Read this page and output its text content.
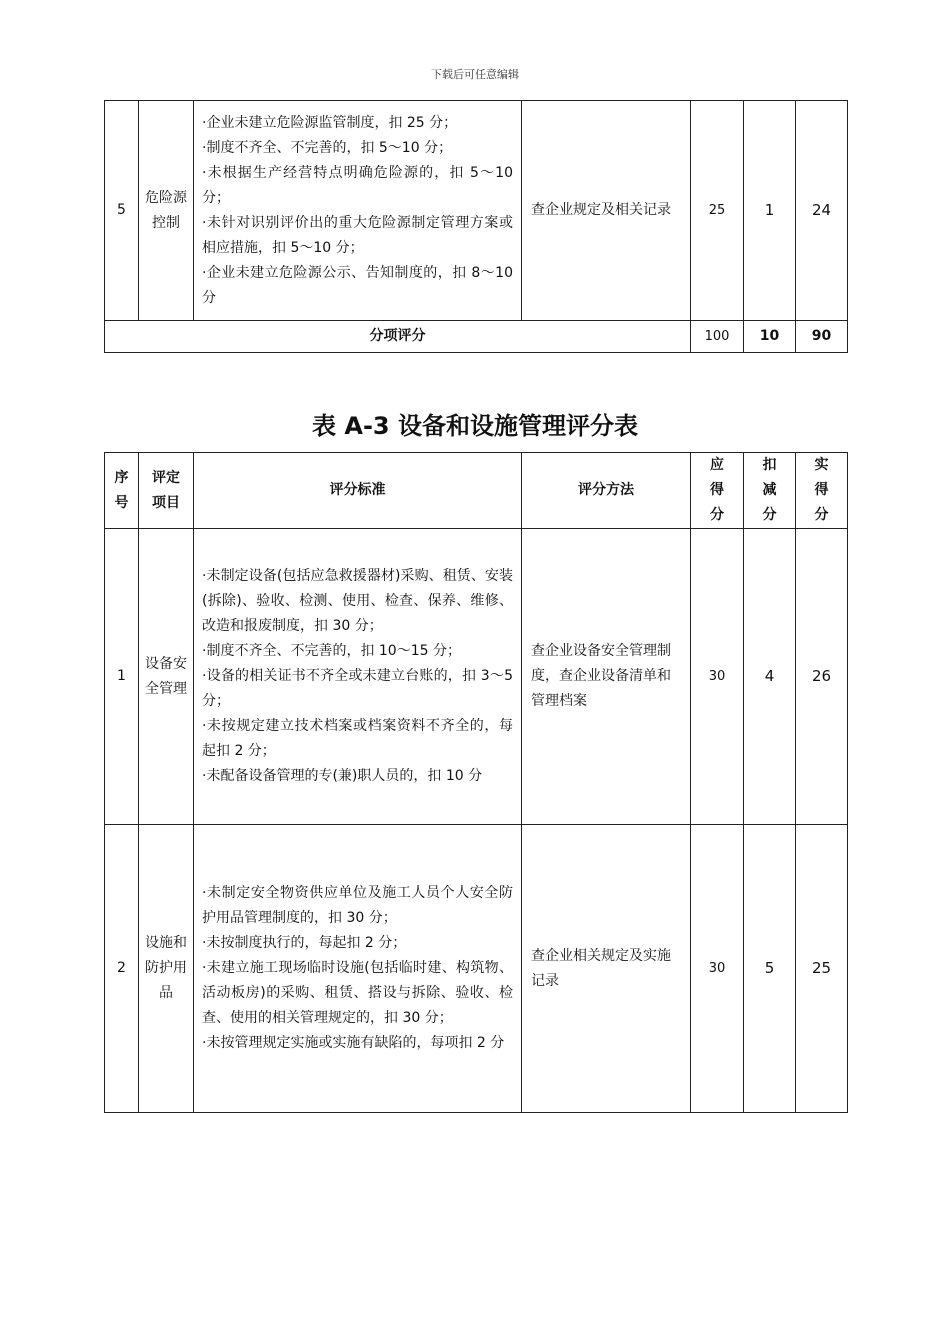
下载后可任意编辑
5	危险源控制	·企业未建立危险源监管制度，扣 25 分；
·制度不齐全、不完善的，扣 5～10 分；
·未根据生产经营特点明确危险源的，扣 5～10 分；
·未针对识别评价出的重大危险源制定管理方案或相应措施，扣 5～10 分；
·企业未建立危险源公示、告知制度的，扣 8～10 分	查企业规定及相关记录	25	1	24
分项评分				100	10	90
表 A-3 设备和设施管理评分表
序号	评定项目	评分标准	评分方法	应得分	扣减分	实得分
1	设备安全管理	·未制定设备(包括应急救援器材)采购、租赁、安装(拆除)、验收、检测、使用、检查、保养、维修、改造和报废制度，扣 30 分；
·制度不齐全、不完善的，扣 10～15 分；
·设备的相关证书不齐全或未建立台账的，扣 3～5 分；
·未按规定建立技术档案或档案资料不齐全的，每起扣 2 分；
·未配备设备管理的专(兼)职人员的，扣 10 分	查企业设备安全管理制度，查企业设备清单和管理档案	30	4	26
2	设施和防护用品	·未制定安全物资供应单位及施工人员个人安全防护用品管理制度的，扣 30 分；
·未按制度执行的，每起扣 2 分；
·未建立施工现场临时设施(包括临时建、构筑物、活动板房)的采购、租赁、搭设与拆除、验收、检查、使用的相关管理规定的，扣 30 分；
·未按管理规定实施或实施有缺陷的，每项扣 2 分	查企业相关规定及实施记录	30	5	25
